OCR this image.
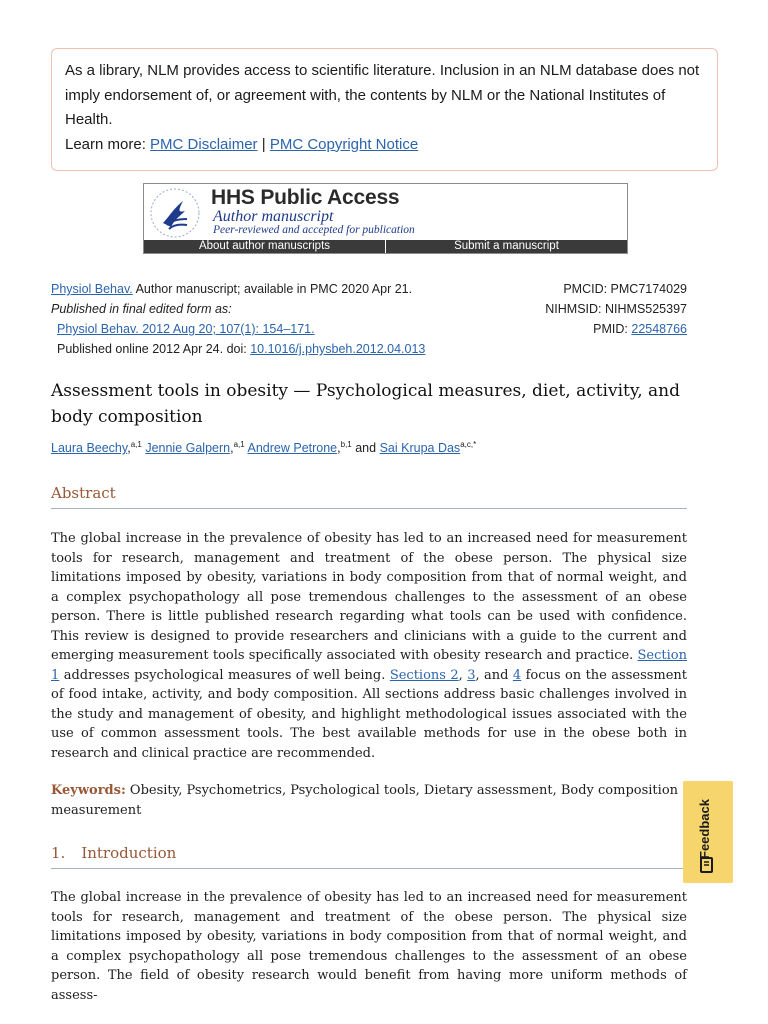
As a library, NLM provides access to scientific literature. Inclusion in an NLM database does not imply endorsement of, or agreement with, the contents by NLM or the National Institutes of Health.
Learn more: PMC Disclaimer | PMC Copyright Notice
HHS Public Access
Author manuscript
Peer-reviewed and accepted for publication
About author manuscripts	Submit a manuscript
Physiol Behav. Author manuscript; available in PMC 2020 Apr 21.
Published in final edited form as:
Physiol Behav. 2012 Aug 20; 107(1): 154–171.
Published online 2012 Apr 24. doi: 10.1016/j.physbeh.2012.04.013
PMCID: PMC7174029
NIHMSID: NIHMS525397
PMID: 22548766
Assessment tools in obesity — Psychological measures, diet, activity, and body composition
Laura Beechy,$^{a,1}$ Jennie Galpern,$^{a,1}$ Andrew Petrone,$^{b,1}$ and Sai Krupa Das$^{a,c,*}$
Abstract
The global increase in the prevalence of obesity has led to an increased need for measurement tools for research, management and treatment of the obese person. The physical size limitations imposed by obesity, variations in body composition from that of normal weight, and a complex psychopathology all pose tremendous challenges to the assessment of an obese person. There is little published research regarding what tools can be used with confidence. This review is designed to provide researchers and clinicians with a guide to the current and emerging measurement tools specifically associated with obesity research and practice. Section 1 addresses psychological measures of well being. Sections 2, 3, and 4 focus on the assessment of food intake, activity, and body composition. All sections address basic challenges involved in the study and management of obesity, and highlight methodological issues associated with the use of common assessment tools. The best available methods for use in the obese both in research and clinical practice are recommended.
Keywords: Obesity, Psychometrics, Psychological tools, Dietary assessment, Body composition measurement
1. Introduction
The global increase in the prevalence of obesity has led to an increased need for measurement tools for research, management and treatment of the obese person. The physical size limitations imposed by obesity, variations in body composition from that of normal weight, and a complex psychopathology all pose tremendous challenges to the assessment of an obese person. The field of obesity research would benefit from having more uniform methods of assess-
Feedback
